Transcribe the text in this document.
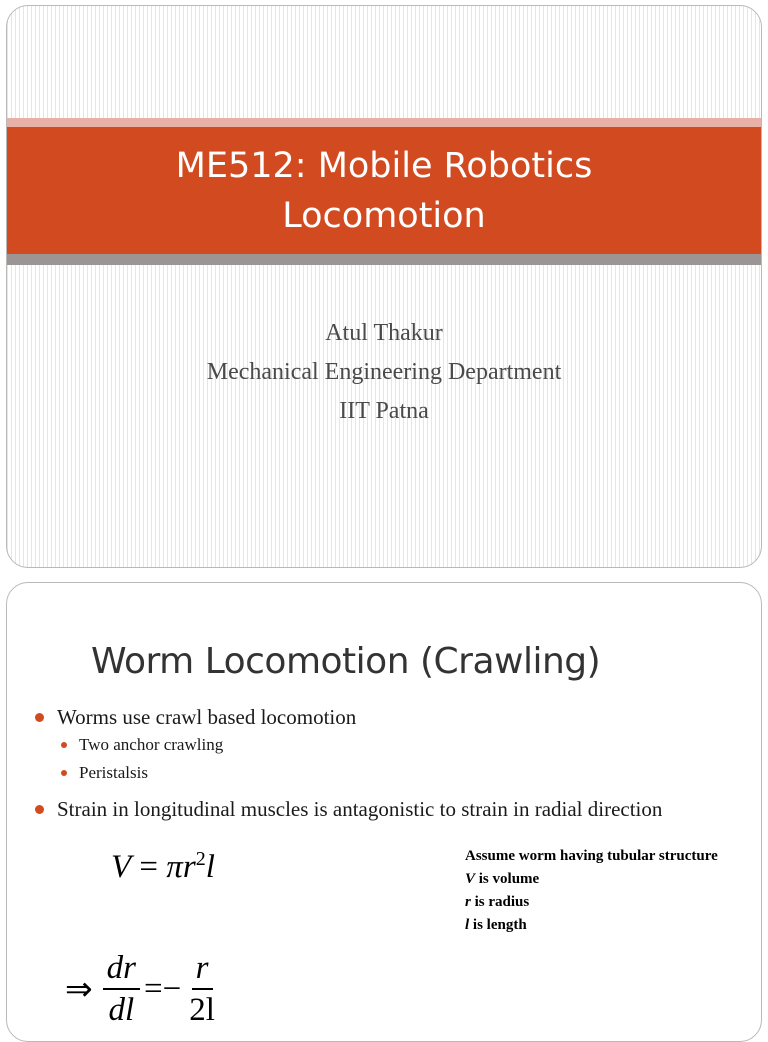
ME512: Mobile Robotics
Locomotion
Atul Thakur
Mechanical Engineering Department
IIT Patna
Worm Locomotion (Crawling)
Worms use crawl based locomotion
Two anchor crawling
Peristalsis
Strain in longitudinal muscles is antagonistic to strain in radial direction
$V = \pi r^2l$	Assume worm having tubular structure
V is volume
r is radius
l is length
⇒ $\frac{dr}{dl}$ = − $\frac{r}{2l}$
